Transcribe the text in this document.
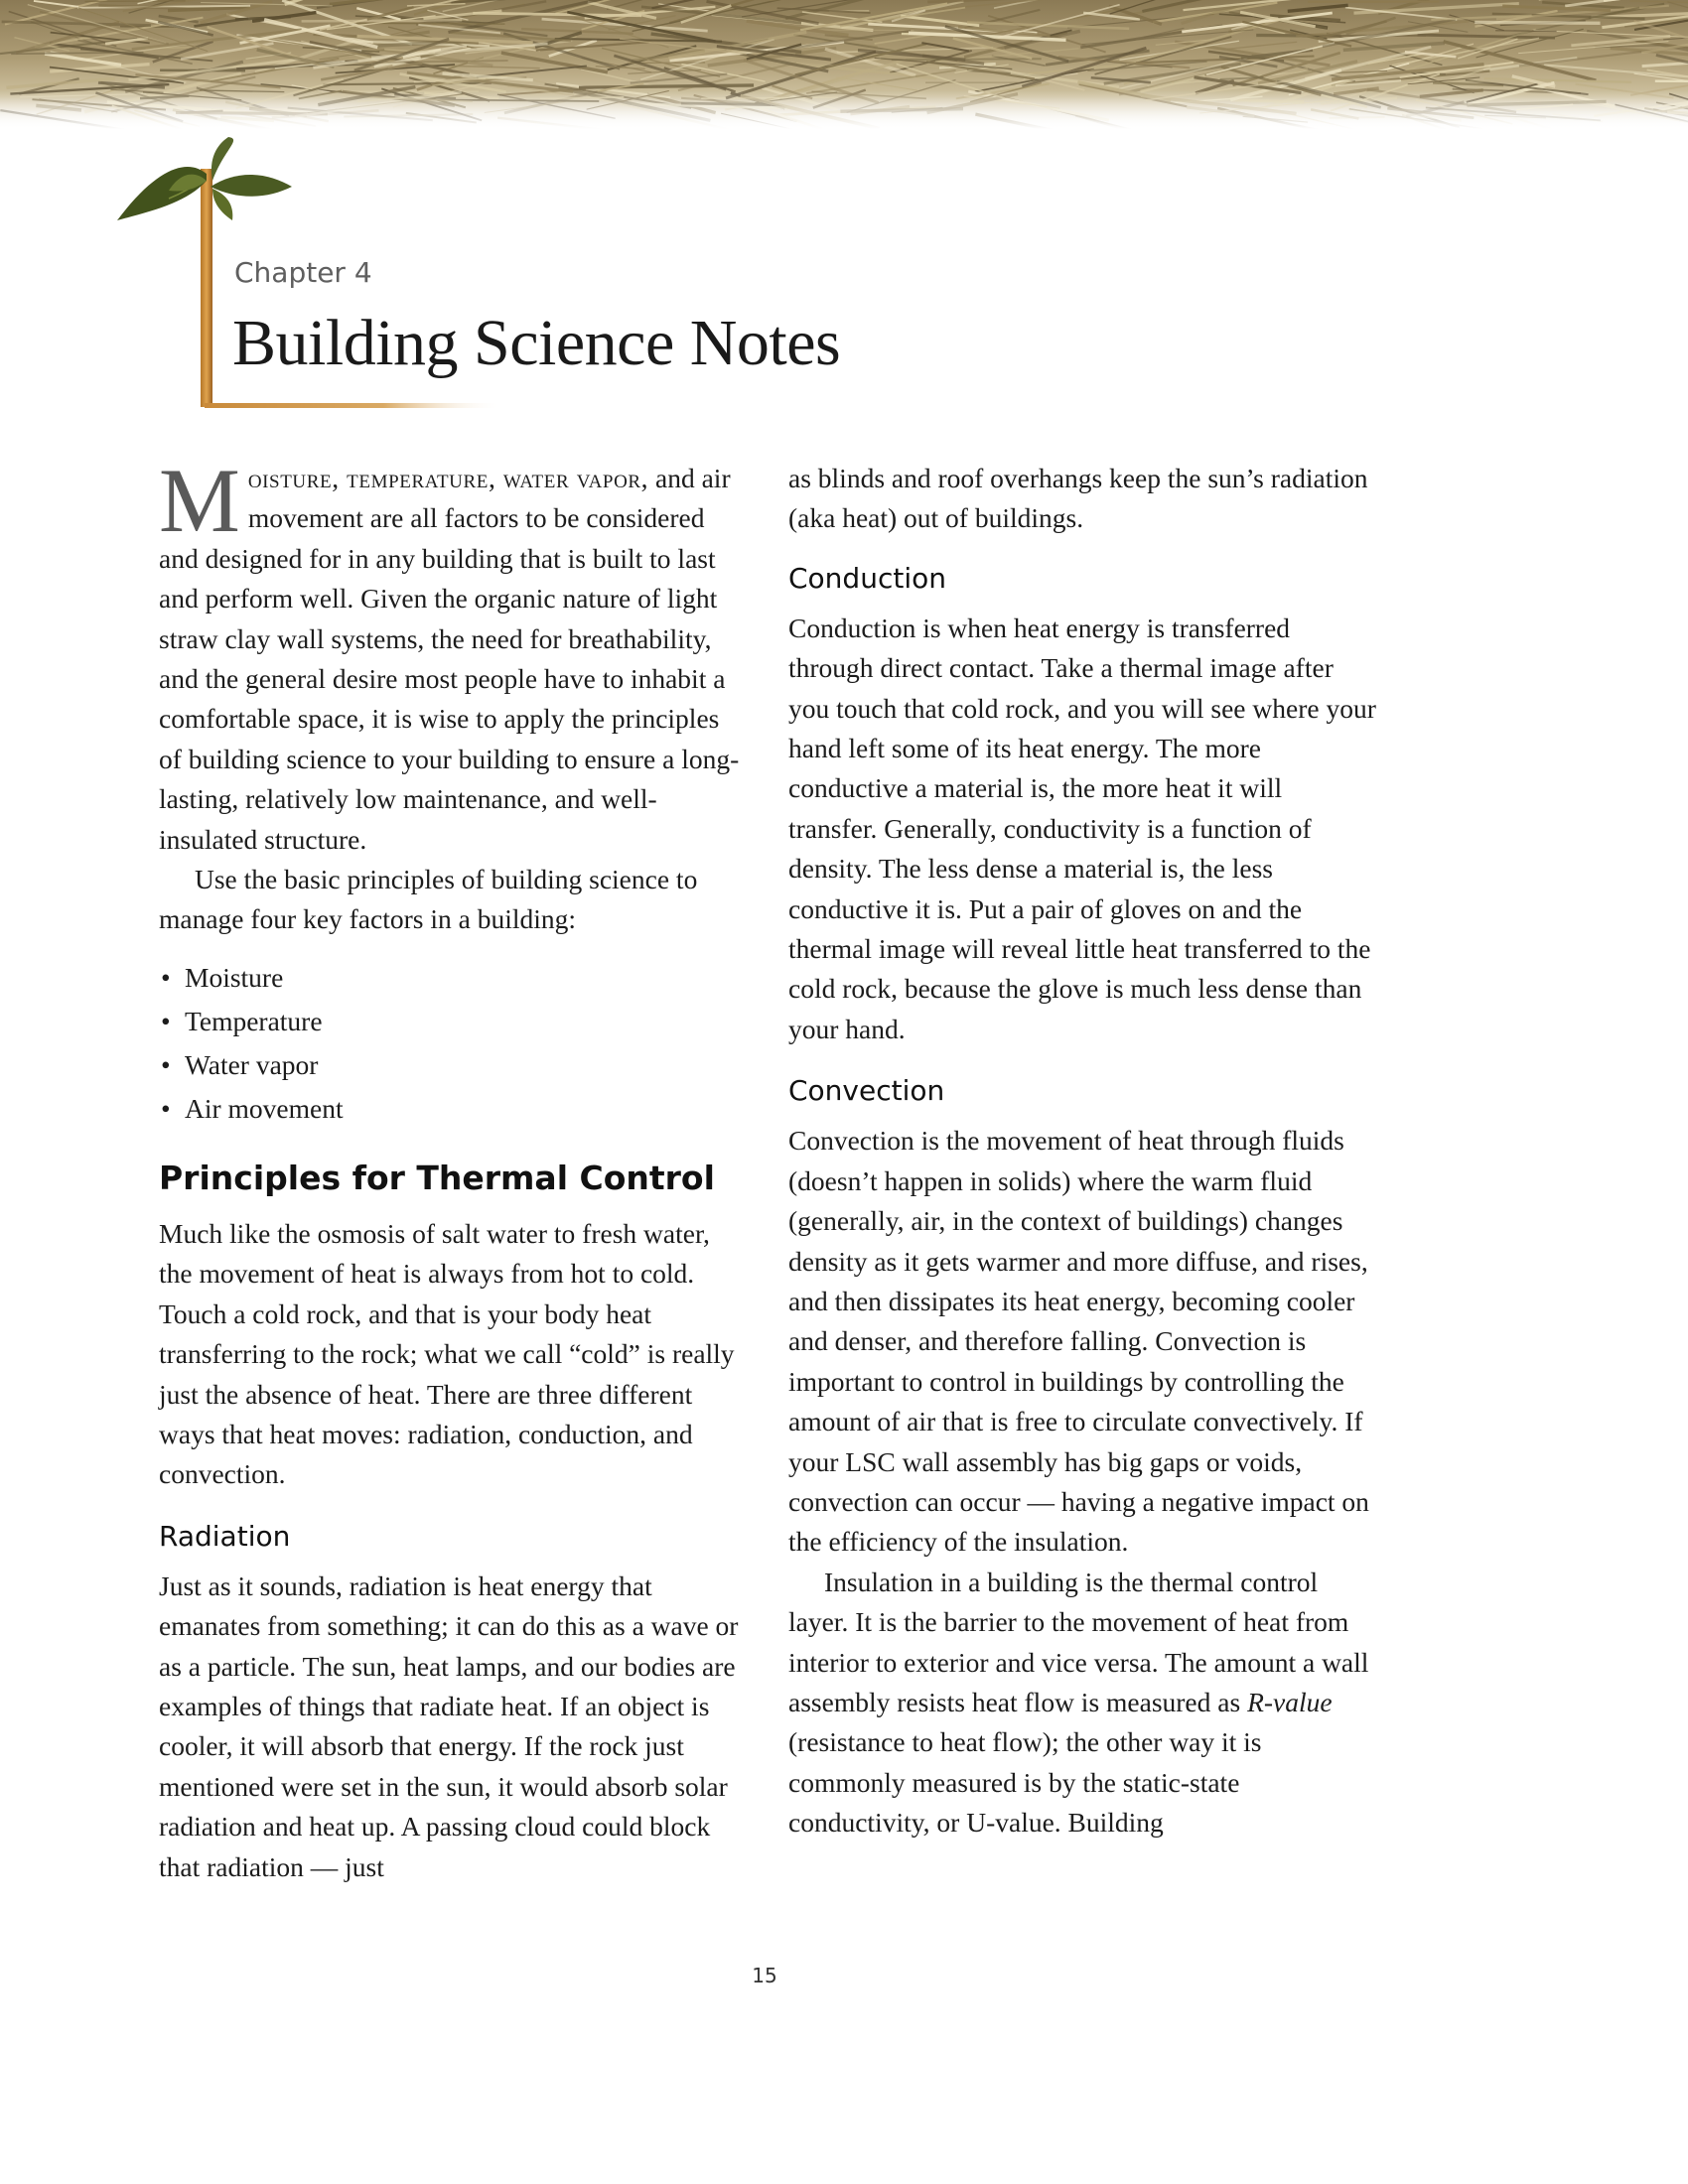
Chapter 4
Building Science Notes

Moisture, temperature, water vapor, and air movement are all factors to be considered and designed for in any building that is built to last and perform well. Given the organic nature of light straw clay wall systems, the need for breathability, and the general desire most people have to inhabit a comfortable space, it is wise to apply the principles of building science to your building to ensure a long-lasting, relatively low maintenance, and well-insulated structure.

Use the basic principles of building science to manage four key factors in a building:

• Moisture
• Temperature
• Water vapor
• Air movement
Principles for Thermal Control

Much like the osmosis of salt water to fresh water, the movement of heat is always from hot to cold. Touch a cold rock, and that is your body heat transferring to the rock; what we call “cold” is really just the absence of heat. There are three different ways that heat moves: radiation, conduction, and convection.

Radiation

Just as it sounds, radiation is heat energy that emanates from something; it can do this as a wave or as a particle. The sun, heat lamps, and our bodies are examples of things that radiate heat. If an object is cooler, it will absorb that energy. If the rock just mentioned were set in the sun, it would absorb solar radiation and heat up. A passing cloud could block that radiation — just

as blinds and roof overhangs keep the sun’s radiation (aka heat) out of buildings.

Conduction

Conduction is when heat energy is transferred through direct contact. Take a thermal image after you touch that cold rock, and you will see where your hand left some of its heat energy. The more conductive a material is, the more heat it will transfer. Generally, conductivity is a function of density. The less dense a material is, the less conductive it is. Put a pair of gloves on and the thermal image will reveal little heat transferred to the cold rock, because the glove is much less dense than your hand.

Convection

Convection is the movement of heat through fluids (doesn’t happen in solids) where the warm fluid (generally, air, in the context of buildings) changes density as it gets warmer and more diffuse, and rises, and then dissipates its heat energy, becoming cooler and denser, and therefore falling. Convection is important to control in buildings by controlling the amount of air that is free to circulate convectively. If your LSC wall assembly has big gaps or voids, convection can occur — having a negative impact on the efficiency of the insulation.

Insulation in a building is the thermal control layer. It is the barrier to the movement of heat from interior to exterior and vice versa. The amount a wall assembly resists heat flow is measured as R-value (resistance to heat flow); the other way it is commonly measured is by the static-state conductivity, or U-value. Building

15
